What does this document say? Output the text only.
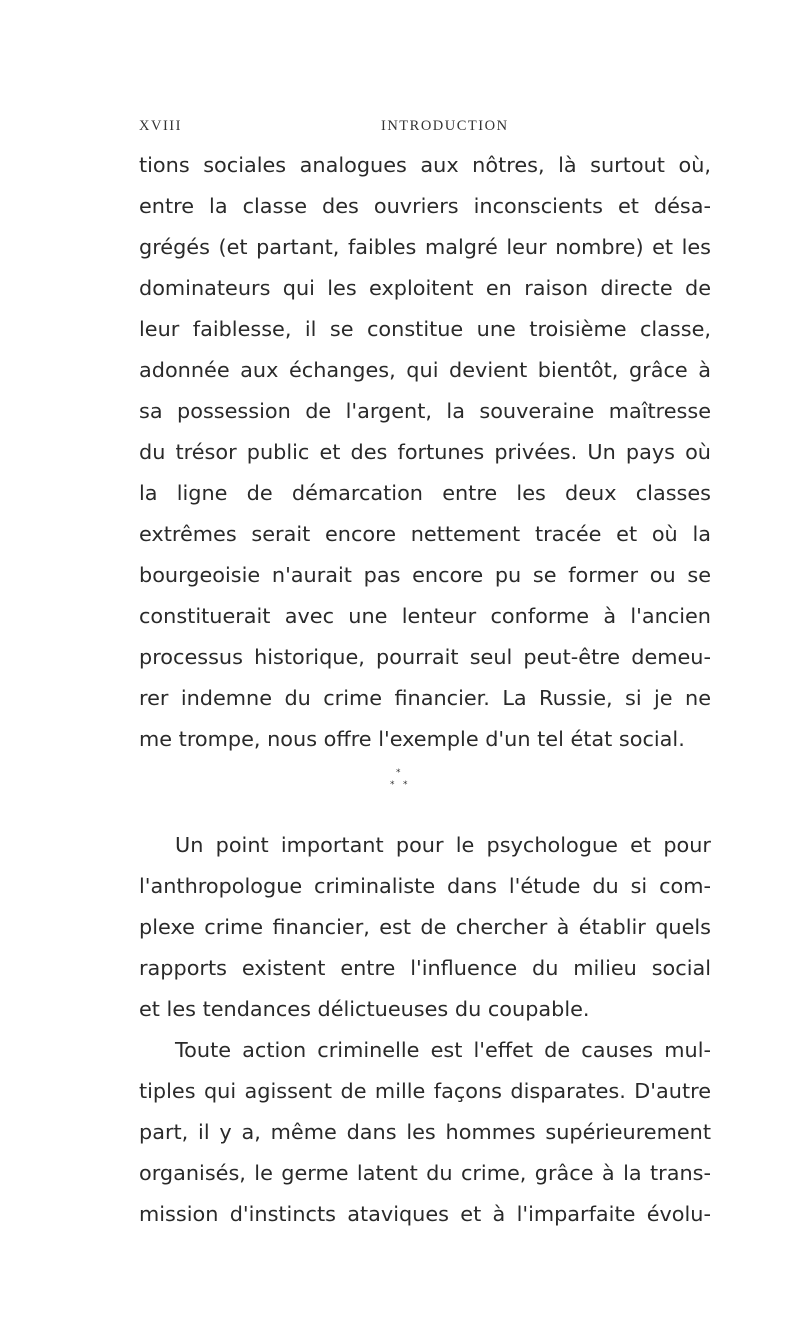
XVIII	INTRODUCTION
tions sociales analogues aux nôtres, là surtout où,
entre la classe des ouvriers inconscients et désa-
grégés (et partant, faibles malgré leur nombre) et les
dominateurs qui les exploitent en raison directe de
leur faiblesse, il se constitue une troisième classe,
adonnée aux échanges, qui devient bientôt, grâce à
sa possession de l'argent, la souveraine maîtresse
du trésor public et des fortunes privées. Un pays où
la ligne de démarcation entre les deux classes
extrêmes serait encore nettement tracée et où la
bourgeoisie n'aurait pas encore pu se former ou se
constituerait avec une lenteur conforme à l'ancien
processus historique, pourrait seul peut-être demeu-
rer indemne du crime financier. La Russie, si je ne
me trompe, nous offre l'exemple d'un tel état social.
*
* *
Un point important pour le psychologue et pour
l'anthropologue criminaliste dans l'étude du si com-
plexe crime financier, est de chercher à établir quels
rapports existent entre l'influence du milieu social
et les tendances délictueuses du coupable.
Toute action criminelle est l'effet de causes mul-
tiples qui agissent de mille façons disparates. D'autre
part, il y a, même dans les hommes supérieurement
organisés, le germe latent du crime, grâce à la trans-
mission d'instincts ataviques et à l'imparfaite évolu-
